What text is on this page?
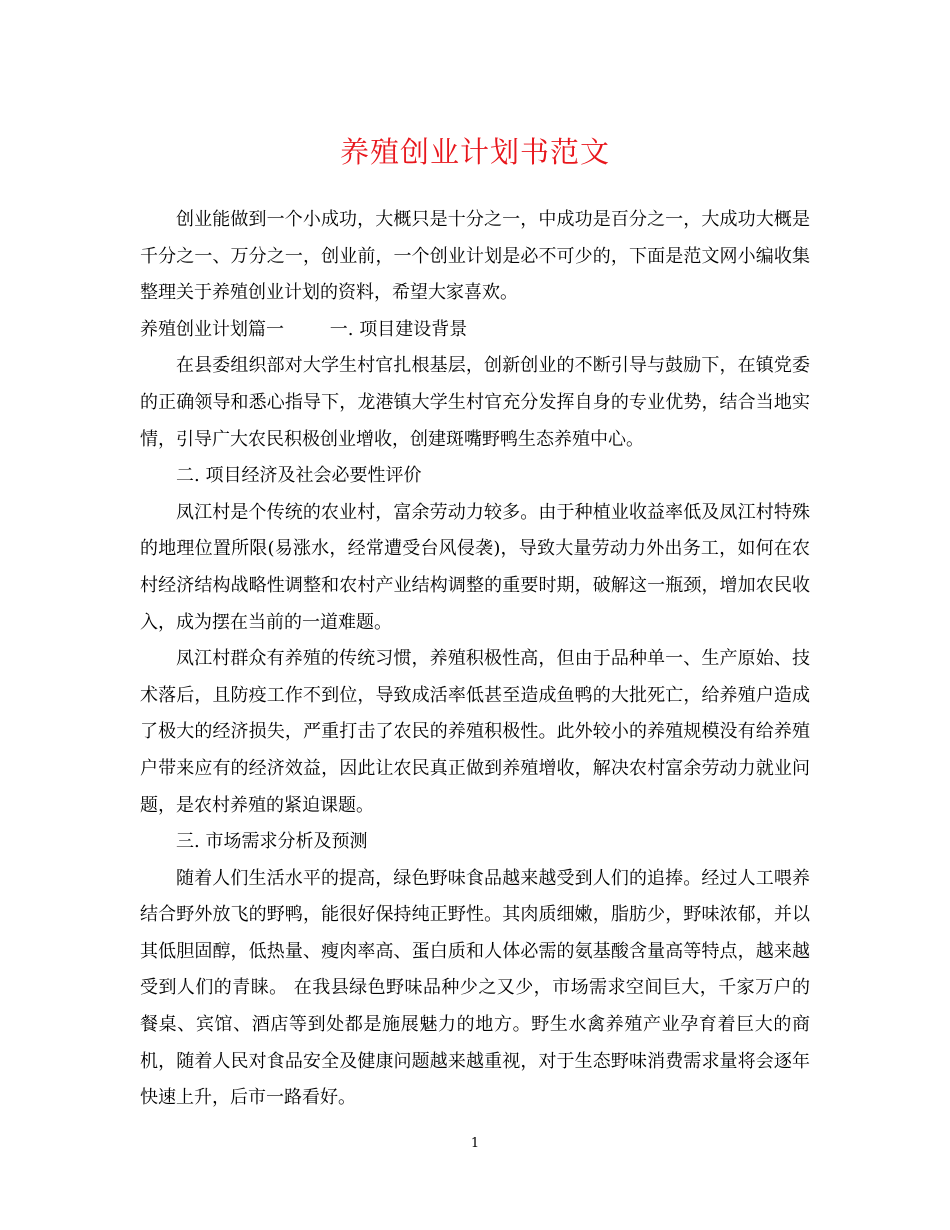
养殖创业计划书范文

创业能做到一个小成功，大概只是十分之一，中成功是百分之一，大成功大概是千分之一、万分之一，创业前，一个创业计划是必不可少的，下面是范文网小编收集整理关于养殖创业计划的资料，希望大家喜欢。

养殖创业计划篇一        一. 项目建设背景

在县委组织部对大学生村官扎根基层，创新创业的不断引导与鼓励下，在镇党委的正确领导和悉心指导下，龙港镇大学生村官充分发挥自身的专业优势，结合当地实情，引导广大农民积极创业增收，创建斑嘴野鸭生态养殖中心。

二. 项目经济及社会必要性评价

凤江村是个传统的农业村，富余劳动力较多。由于种植业收益率低及凤江村特殊的地理位置所限(易涨水，经常遭受台风侵袭)，导致大量劳动力外出务工，如何在农村经济结构战略性调整和农村产业结构调整的重要时期，破解这一瓶颈，增加农民收入，成为摆在当前的一道难题。

凤江村群众有养殖的传统习惯，养殖积极性高，但由于品种单一、生产原始、技术落后，且防疫工作不到位，导致成活率低甚至造成鱼鸭的大批死亡，给养殖户造成了极大的经济损失，严重打击了农民的养殖积极性。此外较小的养殖规模没有给养殖户带来应有的经济效益，因此让农民真正做到养殖增收，解决农村富余劳动力就业问题，是农村养殖的紧迫课题。

三. 市场需求分析及预测

随着人们生活水平的提高，绿色野味食品越来越受到人们的追捧。经过人工喂养结合野外放飞的野鸭，能很好保持纯正野性。其肉质细嫩，脂肪少，野味浓郁，并以其低胆固醇，低热量、瘦肉率高、蛋白质和人体必需的氨基酸含量高等特点，越来越受到人们的青睐。 在我县绿色野味品种少之又少，市场需求空间巨大，千家万户的餐桌、宾馆、酒店等到处都是施展魅力的地方。野生水禽养殖产业孕育着巨大的商机，随着人民对食品安全及健康问题越来越重视，对于生态野味消费需求量将会逐年快速上升，后市一路看好。

1
